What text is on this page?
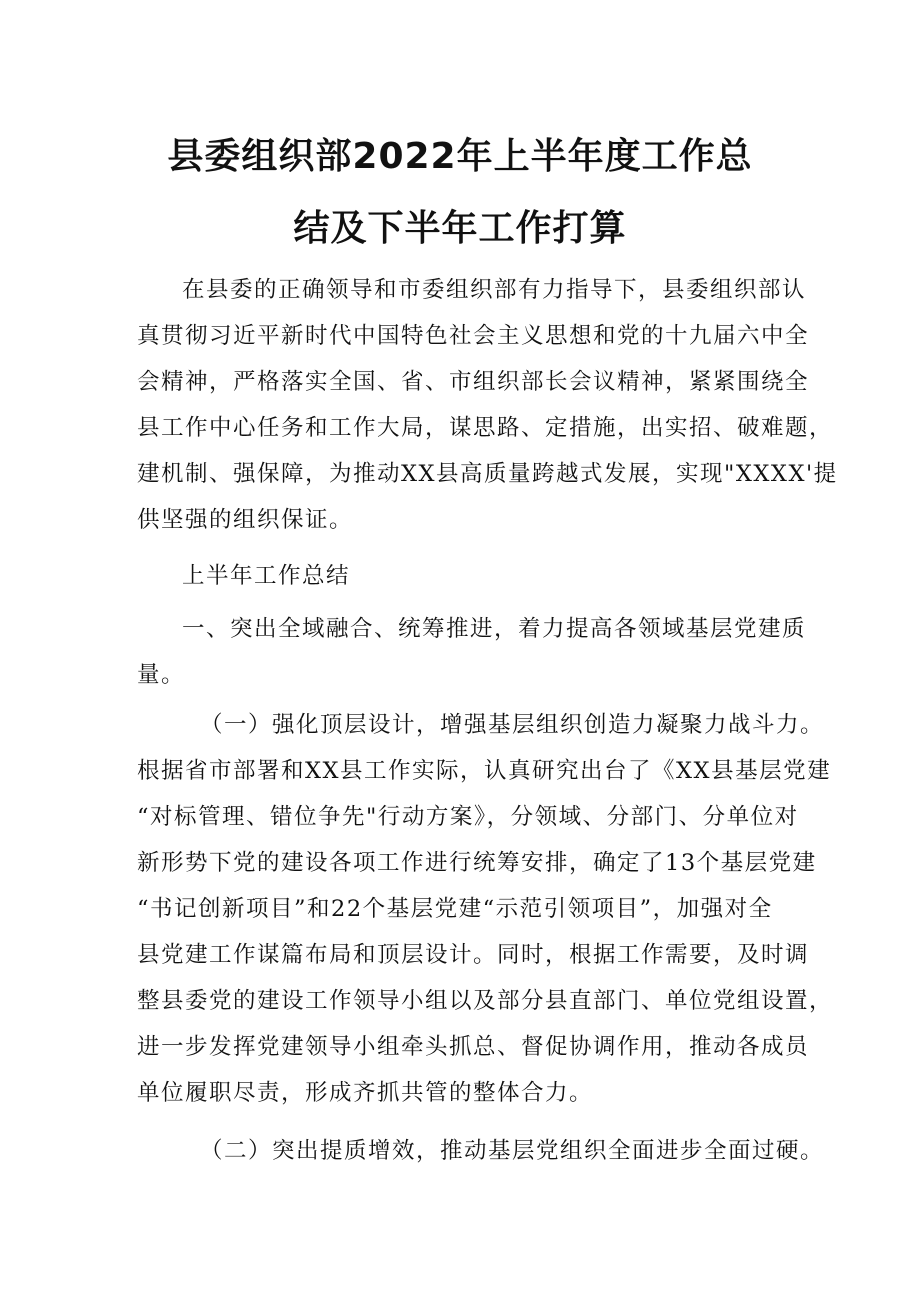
县委组织部2022年上半年度工作总
结及下半年工作打算
在县委的正确领导和市委组织部有力指导下，县委组织部认
真贯彻习近平新时代中国特色社会主义思想和党的十九届六中全
会精神，严格落实全国、省、市组织部长会议精神，紧紧围绕全
县工作中心任务和工作大局，谋思路、定措施，出实招、破难题，
建机制、强保障，为推动XX县高质量跨越式发展，实现"XXXX'提
供坚强的组织保证。
上半年工作总结
一、突出全域融合、统筹推进，着力提高各领域基层党建质
量。
（一）强化顶层设计，增强基层组织创造力凝聚力战斗力。
根据省市部署和XX县工作实际，认真研究出台了《XX县基层党建
“对标管理、错位争先"行动方案》，分领域、分部门、分单位对
新形势下党的建设各项工作进行统筹安排，确定了13个基层党建
“书记创新项目”和22个基层党建“示范引领项目”，加强对全
县党建工作谋篇布局和顶层设计。同时，根据工作需要，及时调
整县委党的建设工作领导小组以及部分县直部门、单位党组设置，
进一步发挥党建领导小组牵头抓总、督促协调作用，推动各成员
单位履职尽责，形成齐抓共管的整体合力。
（二）突出提质增效，推动基层党组织全面进步全面过硬。
